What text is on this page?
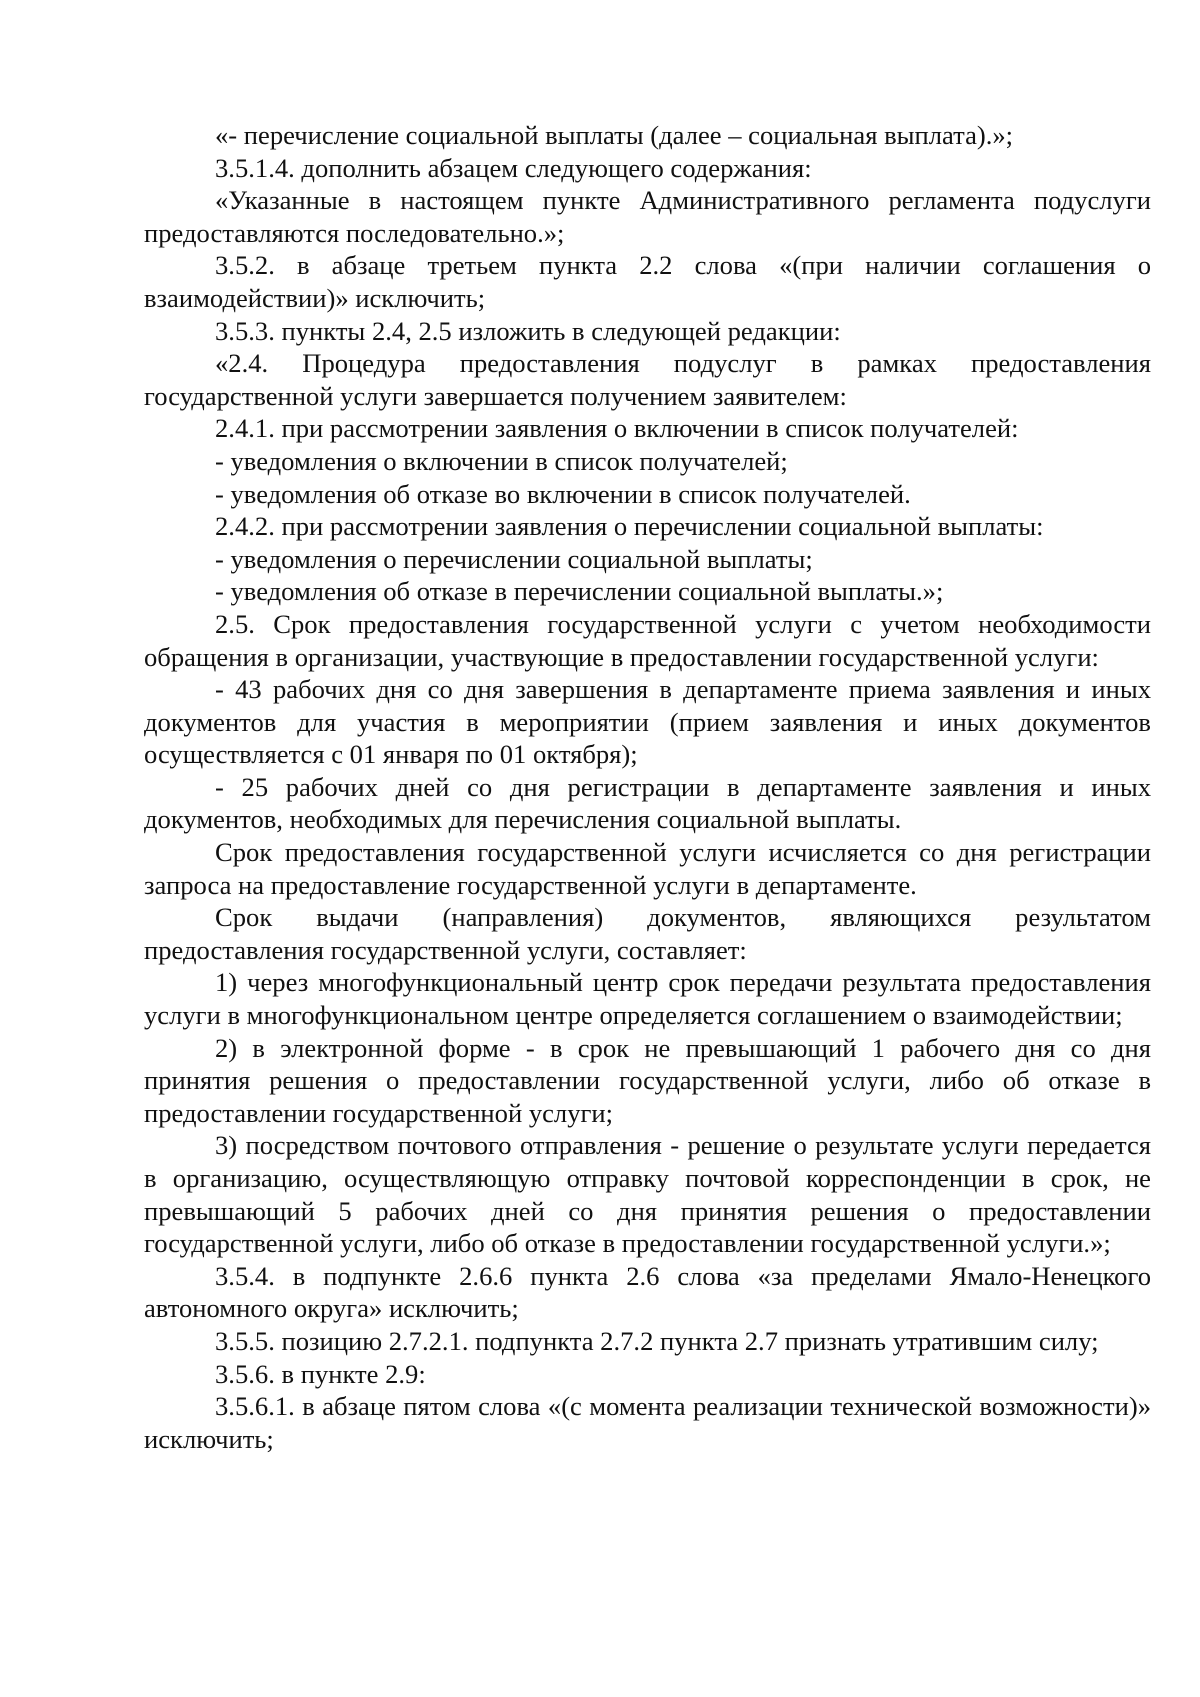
«- перечисление социальной выплаты (далее – социальная выплата).»;

3.5.1.4. дополнить абзацем следующего содержания:

«Указанные в настоящем пункте Административного регламента подуслуги предоставляются последовательно.»;

3.5.2. в абзаце третьем пункта 2.2 слова «(при наличии соглашения о взаимодействии)» исключить;

3.5.3. пункты 2.4, 2.5 изложить в следующей редакции:

«2.4. Процедура предоставления подуслуг в рамках предоставления государственной услуги завершается получением заявителем:

2.4.1. при рассмотрении заявления о включении в список получателей:

- уведомления о включении в список получателей;

- уведомления об отказе во включении в список получателей.

2.4.2. при рассмотрении заявления о перечислении социальной выплаты:

- уведомления о перечислении социальной выплаты;

- уведомления об отказе в перечислении социальной выплаты.»;

2.5. Срок предоставления государственной услуги с учетом необходимости обращения в организации, участвующие в предоставлении государственной услуги:

- 43 рабочих дня со дня завершения в департаменте приема заявления и иных документов для участия в мероприятии (прием заявления и иных документов осуществляется с 01 января по 01 октября);

- 25 рабочих дней со дня регистрации в департаменте заявления и иных документов, необходимых для перечисления социальной выплаты.

Срок предоставления государственной услуги исчисляется со дня регистрации запроса на предоставление государственной услуги в департаменте.

Срок выдачи (направления) документов, являющихся результатом предоставления государственной услуги, составляет:

1) через многофункциональный центр срок передачи результата предоставления услуги в многофункциональном центре определяется соглашением о взаимодействии;

2) в электронной форме - в срок не превышающий 1 рабочего дня со дня принятия решения о предоставлении государственной услуги, либо об отказе в предоставлении государственной услуги;

3) посредством почтового отправления - решение о результате услуги передается в организацию, осуществляющую отправку почтовой корреспонденции в срок, не превышающий 5 рабочих дней со дня принятия решения о предоставлении государственной услуги, либо об отказе в предоставлении государственной услуги.»;

3.5.4. в подпункте 2.6.6 пункта 2.6 слова «за пределами Ямало-Ненецкого автономного округа» исключить;

3.5.5. позицию 2.7.2.1. подпункта 2.7.2 пункта 2.7 признать утратившим силу;

3.5.6. в пункте 2.9:

3.5.6.1. в абзаце пятом слова «(с момента реализации технической возможности)» исключить;
